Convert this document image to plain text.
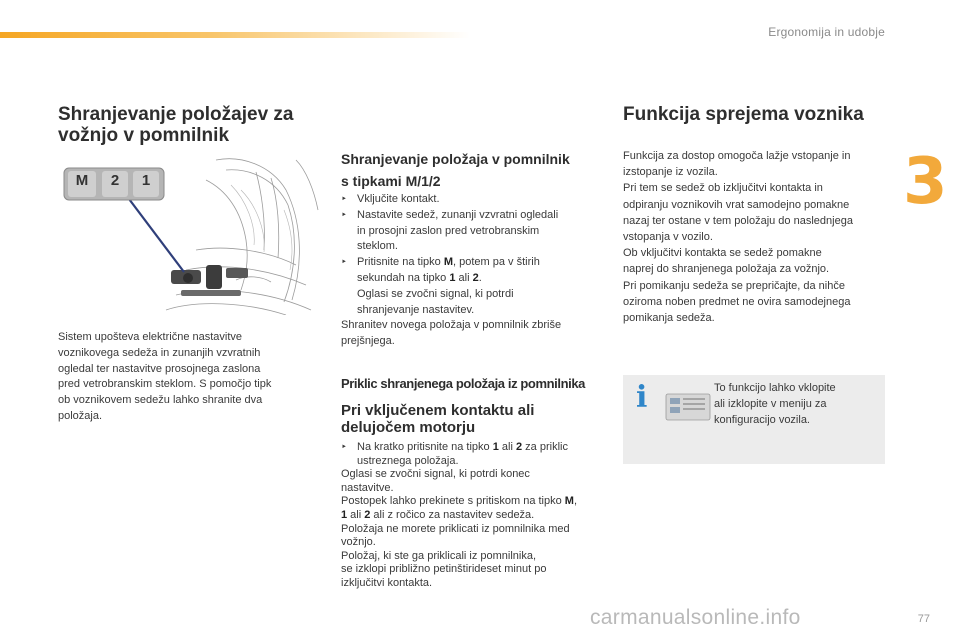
Ergonomija in udobje
3
Shranjevanje položajev za
vožnjo v pomnilnik
M	2	1

Sistem upošteva električne nastavitve

voznikovega sedeža in zunanjih vzvratnih

ogledal ter nastavitve prosojnega zaslona

pred vetrobranskim steklom. S pomočjo tipk

ob voznikovem sedežu lahko shranite dva

položaja.

Shranjevanje položaja v pomnilnik
s tipkami M/1/2
‣ Vključite kontakt.
‣ Nastavite sedež, zunanji vzvratni ogledali
in prosojni zaslon pred vetrobranskim
steklom.
‣ Pritisnite na tipko M, potem pa v štirih
sekundah na tipko 1 ali 2.
Oglasi se zvočni signal, ki potrdi
shranjevanje nastavitev.

Shranitev novega položaja v pomnilnik zbriše

prejšnjega.

Priklic shranjenega položaja iz pomnilnika
Pri vključenem kontaktu ali
delujočem motorju
‣ Na kratko pritisnite na tipko 1 ali 2 za priklic
ustreznega položaja.

Oglasi se zvočni signal, ki potrdi konec

nastavitve.

Postopek lahko prekinete s pritiskom na tipko M,

1 ali 2 ali z ročico za nastavitev sedeža.

Položaja ne morete priklicati iz pomnilnika med

vožnjo.

Položaj, ki ste ga priklicali iz pomnilnika,

se izklopi približno petinštirideset minut po

izključitvi kontakta.

Funkcija sprejema voznika

Funkcija za dostop omogoča lažje vstopanje in

izstopanje iz vozila.

Pri tem se sedež ob izključitvi kontakta in

odpiranju voznikovih vrat samodejno pomakne

nazaj ter ostane v tem položaju do naslednjega

vstopanja v vozilo.

Ob vključitvi kontakta se sedež pomakne

naprej do shranjenega položaja za vožnjo.

Pri pomikanju sedeža se prepričajte, da nihče

oziroma noben predmet ne ovira samodejnega

pomikanja sedeža.

i	To funkcijo lahko vklopite
ali izklopite v meniju za
konfiguracijo vozila.
carmanualsonline.info	77
